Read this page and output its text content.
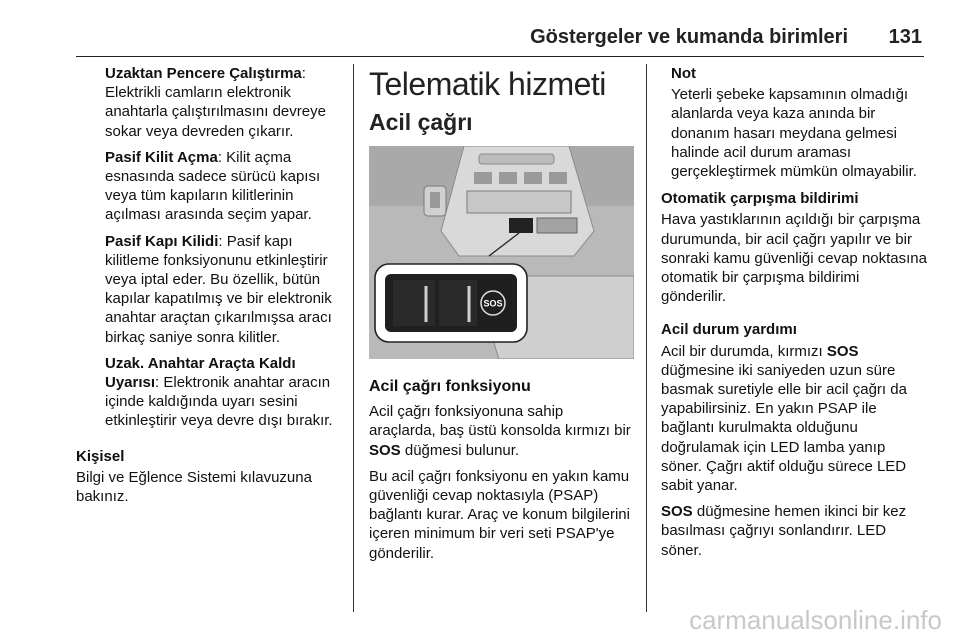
Göstergeler ve kumanda birimleri 131

Uzaktan Pencere Çalıştırma: Elektrikli camların elektronik anahtarla çalıştırılmasını devreye sokar veya devreden çıkarır.

Pasif Kilit Açma: Kilit açma esnasında sadece sürücü kapısı veya tüm kapıların kilitlerinin açılması arasında seçim yapar.

Pasif Kapı Kilidi: Pasif kapı kilitleme fonksiyonunu etkinleştirir veya iptal eder. Bu özellik, bütün kapılar kapatılmış ve bir elektronik anahtar araçtan çıkarılmışsa aracı birkaç saniye sonra kilitler.

Uzak. Anahtar Araçta Kaldı Uyarısı: Elektronik anahtar aracın içinde kaldığında uyarı sesini etkinleştirir veya devre dışı bırakır.

Kişisel

Bilgi ve Eğlence Sistemi kılavuzuna bakınız.

Telematik hizmeti
Acil çağrı
SOS
Acil çağrı fonksiyonu

Acil çağrı fonksiyonuna sahip araçlarda, baş üstü konsolda kırmızı bir SOS düğmesi bulunur.

Bu acil çağrı fonksiyonu en yakın kamu güvenliği cevap noktasıyla (PSAP) bağlantı kurar. Araç ve konum bilgilerini içeren minimum bir veri seti PSAP'ye gönderilir.

Not

Yeterli şebeke kapsamının olmadığı alanlarda veya kaza anında bir donanım hasarı meydana gelmesi halinde acil durum araması gerçekleştirmek mümkün olmayabilir.

Otomatik çarpışma bildirimi

Hava yastıklarının açıldığı bir çarpışma durumunda, bir acil çağrı yapılır ve bir sonraki kamu güvenliği cevap noktasına otomatik bir çarpışma bildirimi gönderilir.

Acil durum yardımı

Acil bir durumda, kırmızı SOS düğmesine iki saniyeden uzun süre basmak suretiyle elle bir acil çağrı da yapabilirsiniz. En yakın PSAP ile bağlantı kurulmakta olduğunu doğrulamak için LED lamba yanıp söner. Çağrı aktif olduğu sürece LED sabit yanar.

SOS düğmesine hemen ikinci bir kez basılması çağrıyı sonlandırır. LED söner.

carmanualsonline.info
